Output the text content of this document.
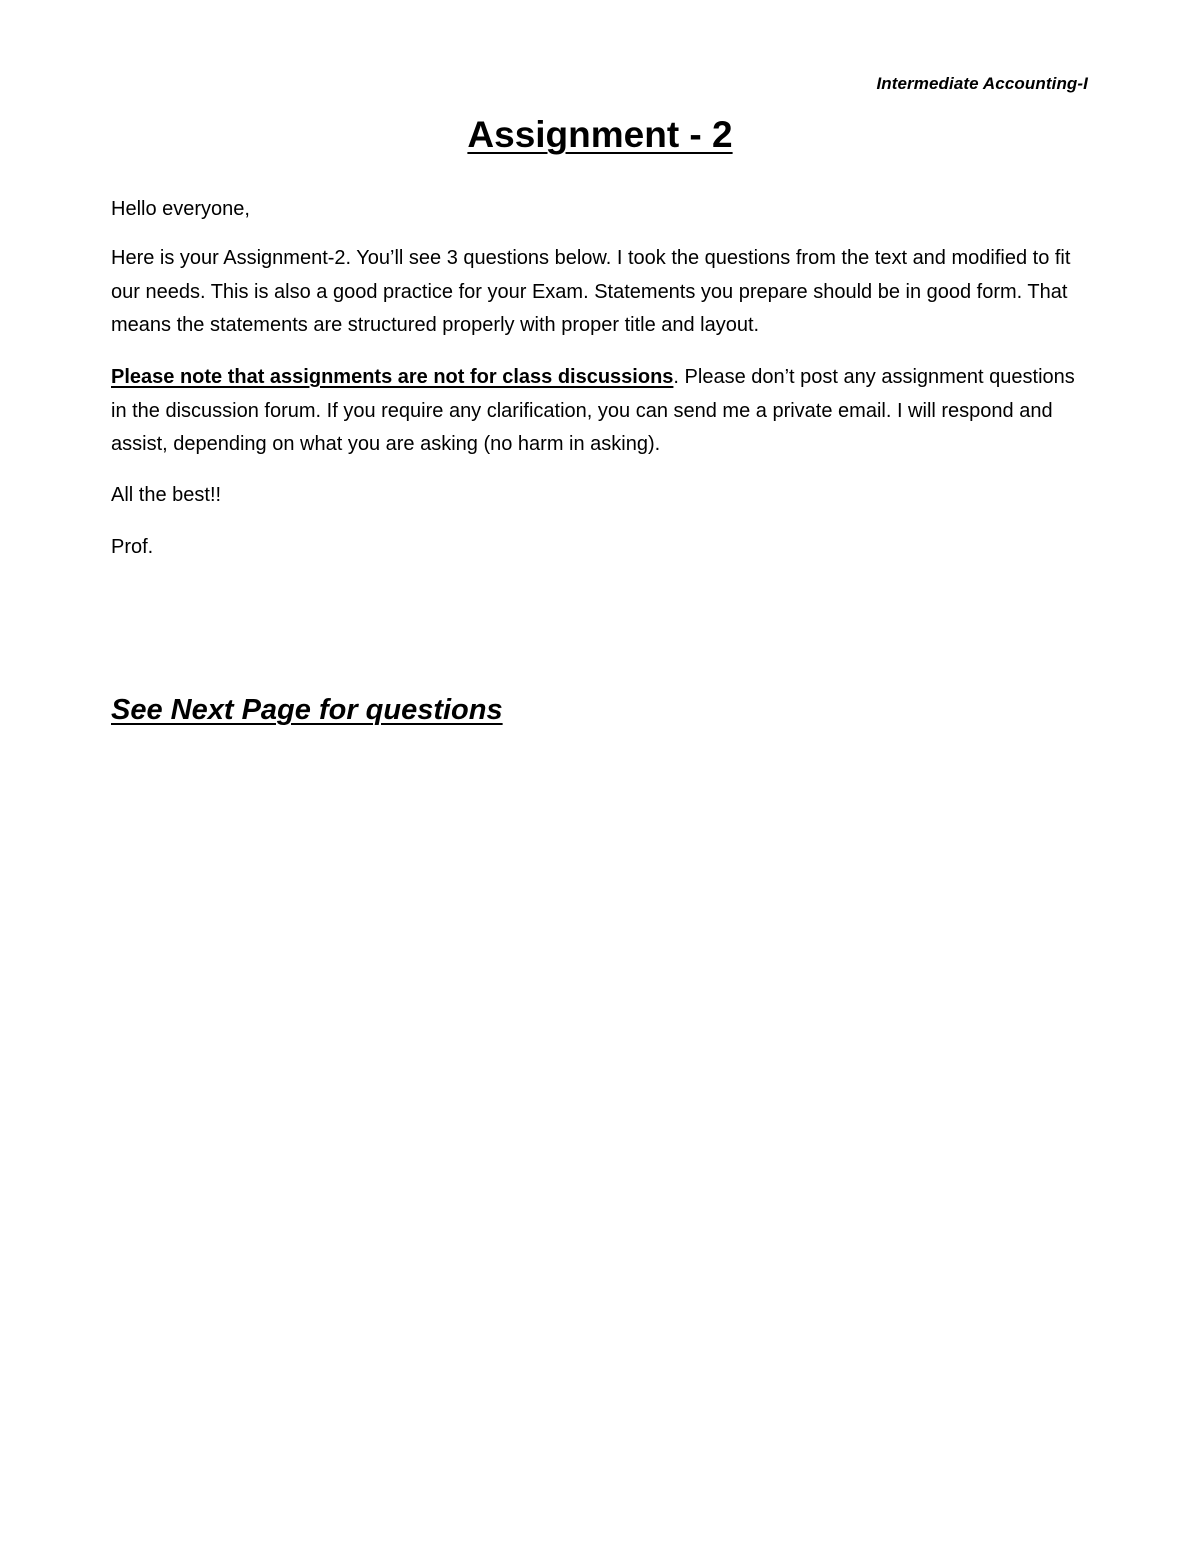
Intermediate Accounting-I
Assignment - 2

Hello everyone,

Here is your Assignment-2. You’ll see 3 questions below. I took the questions from the text and modified to fit our needs. This is also a good practice for your Exam. Statements you prepare should be in good form. That means the statements are structured properly with proper title and layout.

Please note that assignments are not for class discussions. Please don’t post any assignment questions in the discussion forum. If you require any clarification, you can send me a private email. I will respond and assist, depending on what you are asking (no harm in asking).

All the best!!

Prof.

See Next Page for questions
